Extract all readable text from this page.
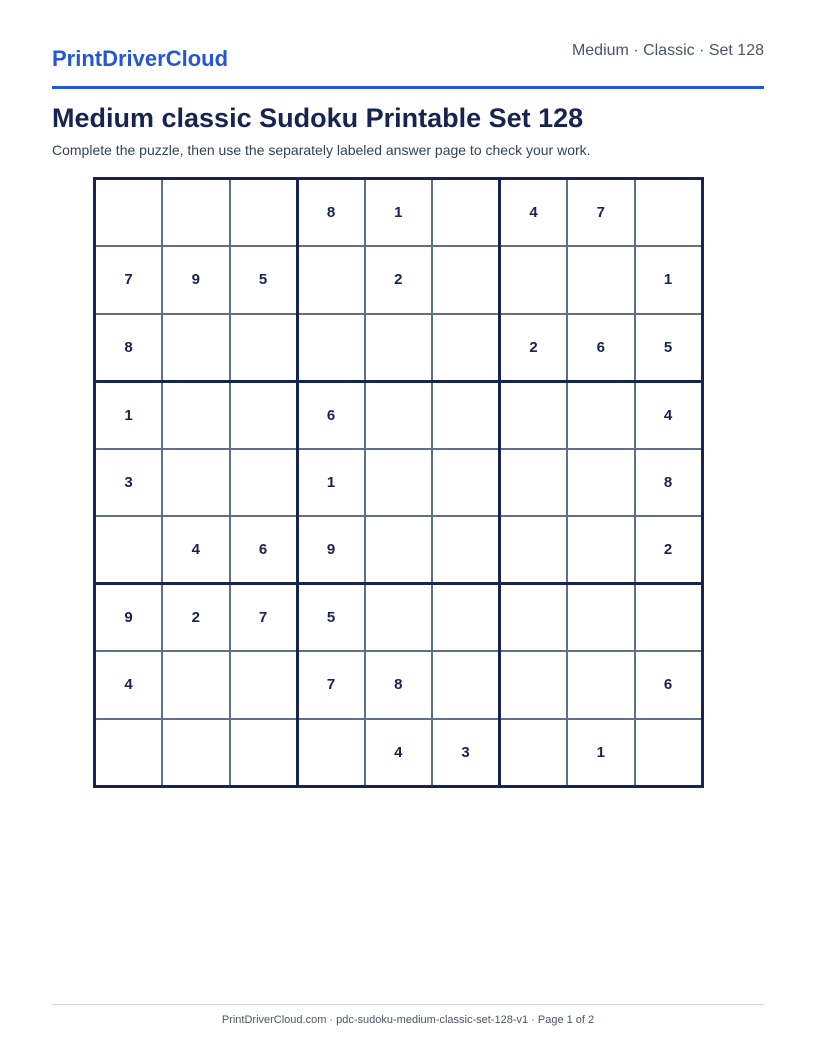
PrintDriverCloud	Medium · Classic · Set 128
Medium classic Sudoku Printable Set 128

Complete the puzzle, then use the separately labeled answer page to check your work.

			8	1		4	7	
7	9	5		2				1
8						2	6	5
1			6					4
3			1					8
	4	6	9					2
9	2	7	5					
4			7	8				6
				4	3		1	
PrintDriverCloud.com · pdc-sudoku-medium-classic-set-128-v1 · Page 1 of 2
